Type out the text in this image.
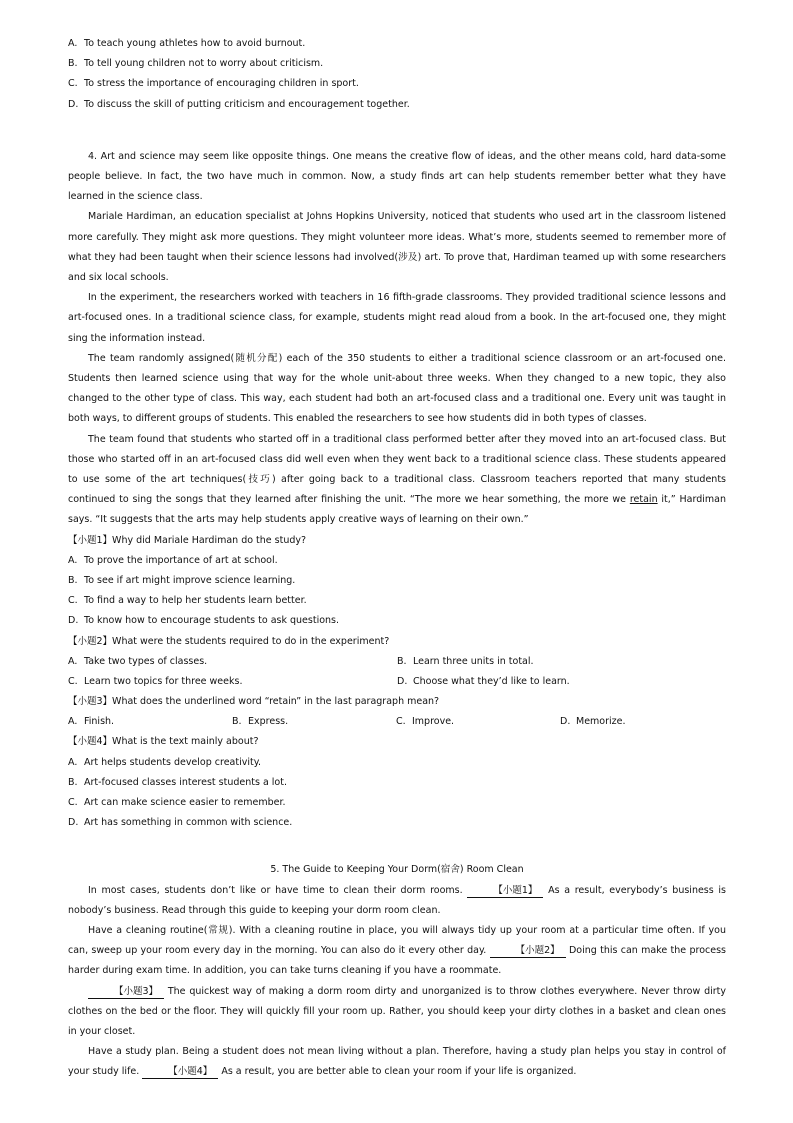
A. To teach young athletes how to avoid burnout.
B. To tell young children not to worry about criticism.
C. To stress the importance of encouraging children in sport.
D. To discuss the skill of putting criticism and encouragement together.

4. Art and science may seem like opposite things. One means the creative flow of ideas, and the other means cold, hard data-some people believe. In fact, the two have much in common. Now, a study finds art can help students remember better what they have learned in the science class.

Mariale Hardiman, an education specialist at Johns Hopkins University, noticed that students who used art in the classroom listened more carefully. They might ask more questions. They might volunteer more ideas. What’s more, students seemed to remember more of what they had been taught when their science lessons had involved(涉及) art. To prove that, Hardiman teamed up with some researchers and six local schools.

In the experiment, the researchers worked with teachers in 16 fifth-grade classrooms. They provided traditional science lessons and art-focused ones. In a traditional science class, for example, students might read aloud from a book. In the art-focused one, they might sing the information instead.

The team randomly assigned(随机分配) each of the 350 students to either a traditional science classroom or an art-focused one. Students then learned science using that way for the whole unit-about three weeks. When they changed to a new topic, they also changed to the other type of class. This way, each student had both an art-focused class and a traditional one. Every unit was taught in both ways, to different groups of students. This enabled the researchers to see how students did in both types of classes.

The team found that students who started off in a traditional class performed better after they moved into an art-focused class. But those who started off in an art-focused class did well even when they went back to a traditional science class. These students appeared to use some of the art techniques(技巧) after going back to a traditional class. Classroom teachers reported that many students continued to sing the songs that they learned after finishing the unit. “The more we hear something, the more we retain it,” Hardiman says. “It suggests that the arts may help students apply creative ways of learning on their own.”

【小题1】Why did Mariale Hardiman do the study?
A. To prove the importance of art at school.
B. To see if art might improve science learning.
C. To find a way to help her students learn better.
D. To know how to encourage students to ask questions.
【小题2】What were the students required to do in the experiment?
A. Take two types of classes.	B. Learn three units in total.
C. Learn two topics for three weeks.	D. Choose what they’d like to learn.
【小题3】What does the underlined word “retain” in the last paragraph mean?
A. Finish.	B. Express.	C. Improve.	D. Memorize.
【小题4】What is the text mainly about?
A. Art helps students develop creativity.
B. Art-focused classes interest students a lot.
C. Art can make science easier to remember.
D. Art has something in common with science.
5. The Guide to Keeping Your Dorm(宿舍) Room Clean

In most cases, students don’t like or have time to clean their dorm rooms.	【小题1】 As a result, everybody’s business is nobody’s business. Read through this guide to keeping your dorm room clean.

Have a cleaning routine(常规). With a cleaning routine in place, you will always tidy up your room at a particular time often. If you can, sweep up your room every day in the morning. You can also do it every other day.	【小题2】 Doing this can make the process harder during exam time. In addition, you can take turns cleaning if you have a roommate.

【小题3】 The quickest way of making a dorm room dirty and unorganized is to throw clothes everywhere. Never throw dirty clothes on the bed or the floor. They will quickly fill your room up. Rather, you should keep your dirty clothes in a basket and clean ones in your closet.

Have a study plan. Being a student does not mean living without a plan. Therefore, having a study plan helps you stay in control of your study life.	【小题4】 As a result, you are better able to clean your room if your life is organized.
